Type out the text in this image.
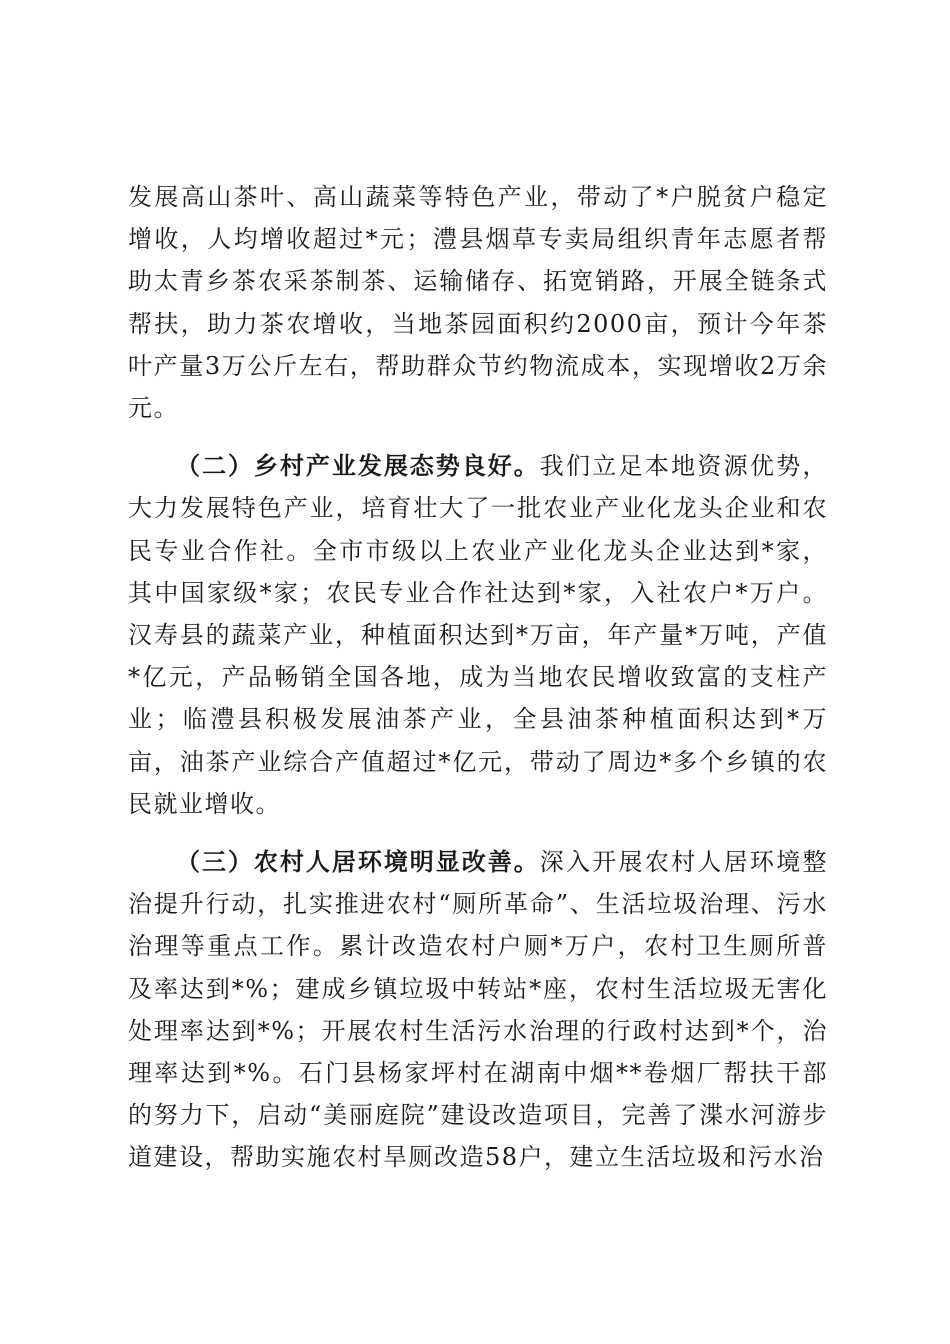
发展高山茶叶、高山蔬菜等特色产业，带动了*户脱贫户稳定增收，人均增收超过*元；澧县烟草专卖局组织青年志愿者帮助太青乡茶农采茶制茶、运输储存、拓宽销路，开展全链条式帮扶，助力茶农增收，当地茶园面积约2000亩，预计今年茶叶产量3万公斤左右，帮助群众节约物流成本，实现增收2万余元。

（二）乡村产业发展态势良好。我们立足本地资源优势，大力发展特色产业，培育壮大了一批农业产业化龙头企业和农民专业合作社。全市市级以上农业产业化龙头企业达到*家，其中国家级*家；农民专业合作社达到*家，入社农户*万户。汉寿县的蔬菜产业，种植面积达到*万亩，年产量*万吨，产值*亿元，产品畅销全国各地，成为当地农民增收致富的支柱产业；临澧县积极发展油茶产业，全县油茶种植面积达到*万亩，油茶产业综合产值超过*亿元，带动了周边*多个乡镇的农民就业增收。

（三）农村人居环境明显改善。深入开展农村人居环境整治提升行动，扎实推进农村“厕所革命”、生活垃圾治理、污水治理等重点工作。累计改造农村户厕*万户，农村卫生厕所普及率达到*%；建成乡镇垃圾中转站*座，农村生活垃圾无害化处理率达到*%；开展农村生活污水治理的行政村达到*个，治理率达到*%。石门县杨家坪村在湖南中烟**卷烟厂帮扶干部的努力下，启动“美丽庭院”建设改造项目，完善了渫水河游步道建设，帮助实施农村旱厕改造58户，建立生活垃圾和污水治
